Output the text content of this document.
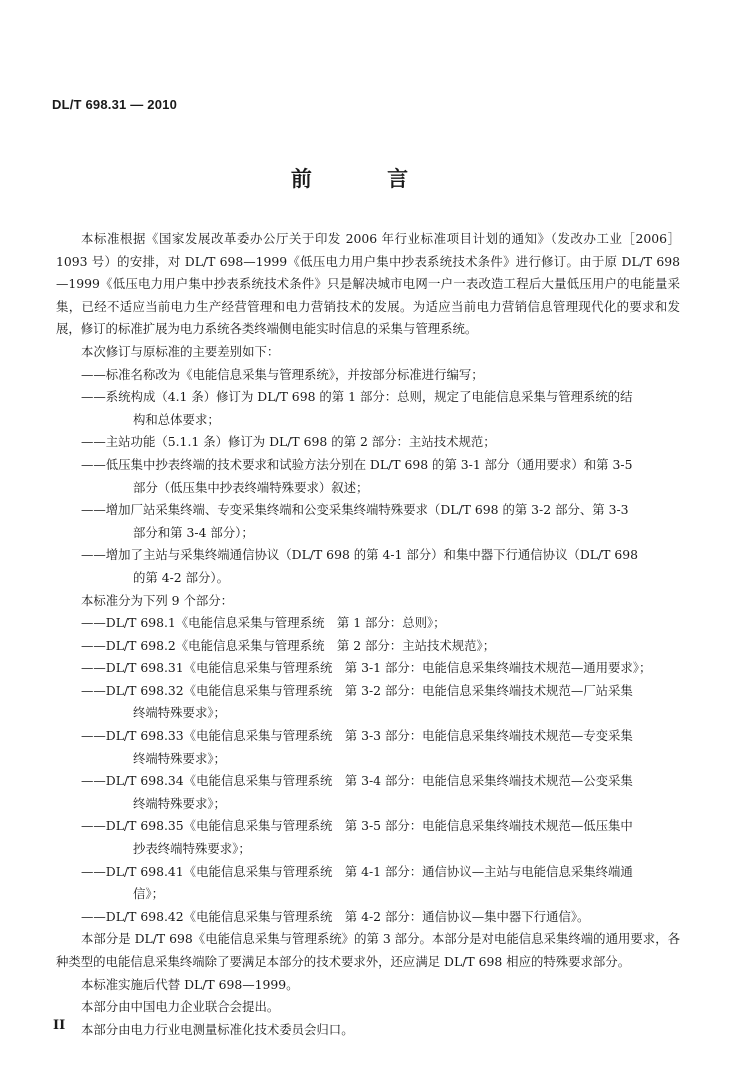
DL/T 698.31 — 2010
前 言

本标准根据《国家发展改革委办公厅关于印发 2006 年行业标准项目计划的通知》（发改办工业［2006］1093 号）的安排，对 DL/T 698—1999《低压电力用户集中抄表系统技术条件》进行修订。由于原 DL/T 698—1999《低压电力用户集中抄表系统技术条件》只是解决城市电网一户一表改造工程后大量低压用户的电能量采集，已经不适应当前电力生产经营管理和电力营销技术的发展。为适应当前电力营销信息管理现代化的要求和发展，修订的标准扩展为电力系统各类终端侧电能实时信息的采集与管理系统。

本次修订与原标准的主要差别如下：

——标准名称改为《电能信息采集与管理系统》，并按部分标准进行编写；
——系统构成（4.1 条）修订为 DL/T 698 的第 1 部分：总则，规定了电能信息采集与管理系统的结
构和总体要求；
——主站功能（5.1.1 条）修订为 DL/T 698 的第 2 部分：主站技术规范；
——低压集中抄表终端的技术要求和试验方法分别在 DL/T 698 的第 3-1 部分（通用要求）和第 3-5
部分（低压集中抄表终端特殊要求）叙述；
——增加厂站采集终端、专变采集终端和公变采集终端特殊要求（DL/T 698 的第 3-2 部分、第 3-3
部分和第 3-4 部分）；
——增加了主站与采集终端通信协议（DL/T 698 的第 4-1 部分）和集中器下行通信协议（DL/T 698
的第 4-2 部分）。

本标准分为下列 9 个部分：

——DL/T 698.1《电能信息采集与管理系统　第 1 部分：总则》；
——DL/T 698.2《电能信息采集与管理系统　第 2 部分：主站技术规范》；
——DL/T 698.31《电能信息采集与管理系统　第 3-1 部分：电能信息采集终端技术规范—通用要求》；
——DL/T 698.32《电能信息采集与管理系统　第 3-2 部分：电能信息采集终端技术规范—厂站采集
终端特殊要求》；
——DL/T 698.33《电能信息采集与管理系统　第 3-3 部分：电能信息采集终端技术规范—专变采集
终端特殊要求》；
——DL/T 698.34《电能信息采集与管理系统　第 3-4 部分：电能信息采集终端技术规范—公变采集
终端特殊要求》；
——DL/T 698.35《电能信息采集与管理系统　第 3-5 部分：电能信息采集终端技术规范—低压集中
抄表终端特殊要求》；
——DL/T 698.41《电能信息采集与管理系统　第 4-1 部分：通信协议—主站与电能信息采集终端通
信》；
——DL/T 698.42《电能信息采集与管理系统　第 4-2 部分：通信协议—集中器下行通信》。

本部分是 DL/T 698《电能信息采集与管理系统》的第 3 部分。本部分是对电能信息采集终端的通用要求，各种类型的电能信息采集终端除了要满足本部分的技术要求外，还应满足 DL/T 698 相应的特殊要求部分。

本标准实施后代替 DL/T 698—1999。

本部分由中国电力企业联合会提出。

本部分由电力行业电测量标准化技术委员会归口。

II
